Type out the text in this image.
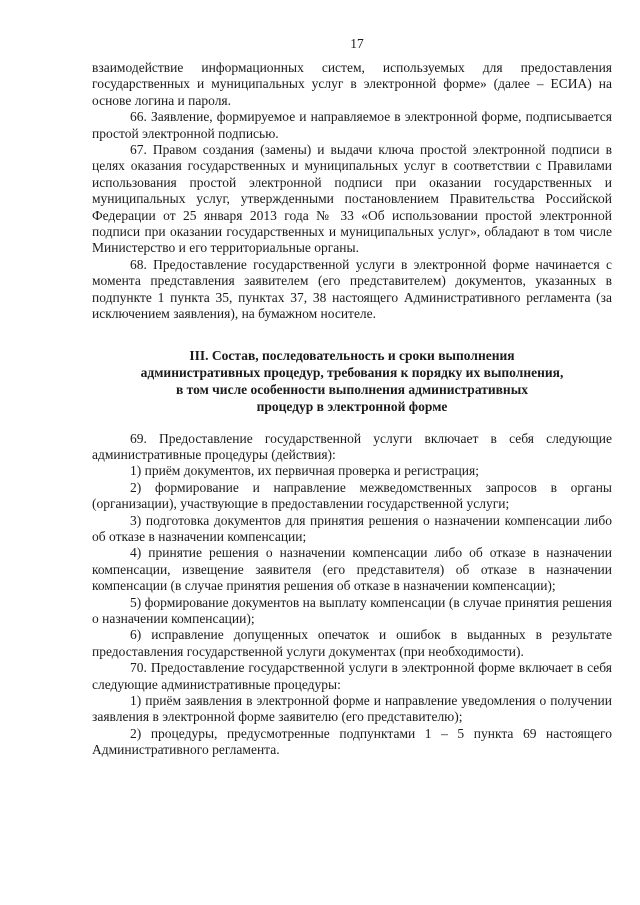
17

взаимодействие информационных систем, используемых для предоставления государственных и муниципальных услуг в электронной форме» (далее – ЕСИА) на основе логина и пароля.

66. Заявление, формируемое и направляемое в электронной форме, подписывается простой электронной подписью.

67. Правом создания (замены) и выдачи ключа простой электронной подписи в целях оказания государственных и муниципальных услуг в соответствии с Правилами использования простой электронной подписи при оказании государственных и муниципальных услуг, утвержденными постановлением Правительства Российской Федерации от 25 января 2013 года № 33 «Об использовании простой электронной подписи при оказании государственных и муниципальных услуг», обладают в том числе Министерство и его территориальные органы.

68. Предоставление государственной услуги в электронной форме начинается с момента представления заявителем (его представителем) документов, указанных в подпункте 1 пункта 35, пунктах 37, 38 настоящего Административного регламента (за исключением заявления), на бумажном носителе.

III. Состав, последовательность и сроки выполнения
административных процедур, требования к порядку их выполнения,
в том числе особенности выполнения административных
процедур в электронной форме

69. Предоставление государственной услуги включает в себя следующие административные процедуры (действия):

1) приём документов, их первичная проверка и регистрация;

2) формирование и направление межведомственных запросов в органы (организации), участвующие в предоставлении государственной услуги;

3) подготовка документов для принятия решения о назначении компенсации либо об отказе в назначении компенсации;

4) принятие решения о назначении компенсации либо об отказе в назначении компенсации, извещение заявителя (его представителя) об отказе в назначении компенсации (в случае принятия решения об отказе в назначении компенсации);

5) формирование документов на выплату компенсации (в случае принятия решения о назначении компенсации);

6) исправление допущенных опечаток и ошибок в выданных в результате предоставления государственной услуги документах (при необходимости).

70. Предоставление государственной услуги в электронной форме включает в себя следующие административные процедуры:

1) приём заявления в электронной форме и направление уведомления о получении заявления в электронной форме заявителю (его представителю);

2) процедуры, предусмотренные подпунктами 1 – 5 пункта 69 настоящего Административного регламента.
